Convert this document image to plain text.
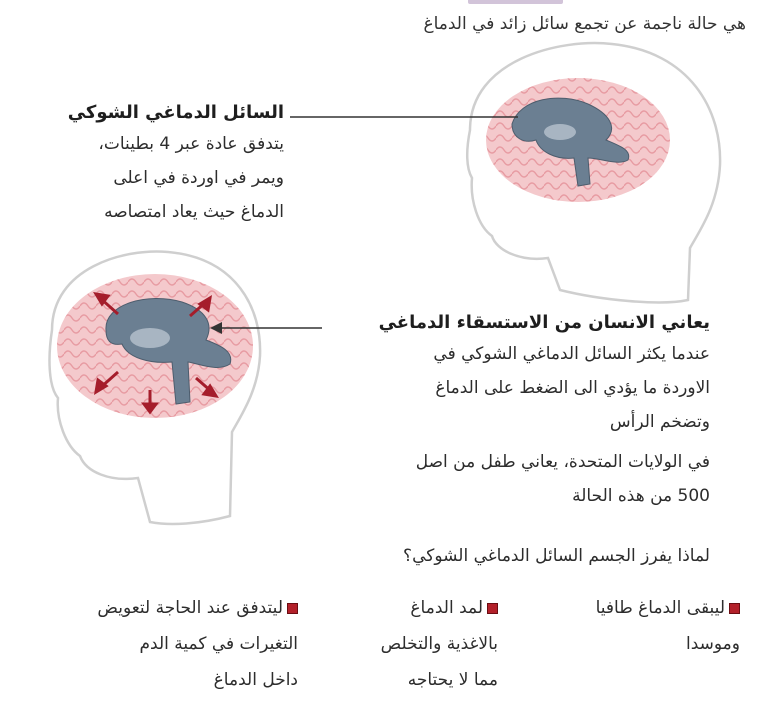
هي حالة ناجمة عن تجمع سائل زائد في الدماغ
السائل الدماغي الشوكي

يتدفق عادة عبر 4 بطينات،

ويمر في اوردة في اعلى

الدماغ حيث يعاد امتصاصه

يعاني الانسان من الاستسقاء الدماغي

عندما يكثر السائل الدماغي الشوكي في

الاوردة ما يؤدي الى الضغط على الدماغ

وتضخم الرأس

في الولايات المتحدة، يعاني طفل من اصل

500 من هذه الحالة

لماذا يفرز الجسم السائل الدماغي الشوكي؟
ليبقى الدماغ طافيا
وموسدا
لمد الدماغ
بالاغذية والتخلص
مما لا يحتاجه
ليتدفق عند الحاجة لتعويض
التغيرات في كمية الدم
داخل الدماغ
